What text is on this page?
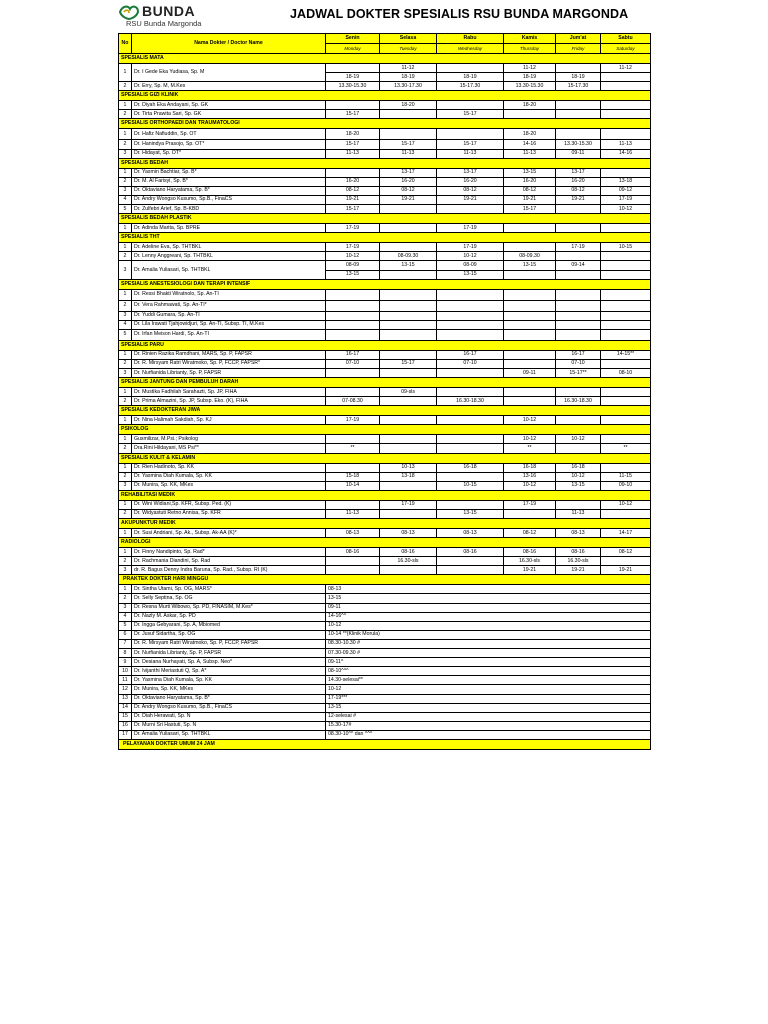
BUNDA
RSU Bunda Margonda
JADWAL DOKTER SPESIALIS RSU BUNDA MARGONDA
No	Nama Dokter / Doctor Name	Senin	Selasa	Rabu	Kamis	Jum'at	Sabtu
		Monday	Tuesday	Wednesday	Thursday	Friday	Saturday
SPESIALIS MATA							
1	Dr. I Gede Eka Yudiasa, Sp. M		11-12		11-12		11-12
		18-19	18-19	18-19	18-19	18-19	
2	Dr. Erry, Sp. M, M.Kes	13.30-15.30	13.30-17.30	15-17.30	13.30-15.30	15-17.30	
SPESIALIS GIZI KLINIK							
1	Dr. Diyah Eka Andayani, Sp. GK		18-20		18-20		
2	Dr. Tirta Prawita Sari, Sp. GK	15-17		15-17			
SPESIALIS ORTHOPAEDI DAN TRAUMATOLOGI							
1	Dr. Hafiz Nafiuddin, Sp. OT	18-20			18-20		
2	Dr. Hanindya Prasojo, Sp. OT*	15-17	15-17	15-17	14-16	13.30-15.30	11-13
3	Dr. Hidayat, Sp. OT*	11-13	11-13	11-13	11-13	09-11	14-16
SPESIALIS BEDAH							
1	Dr. Yasmin Bachtiar, Sp. B*		13-17	13-17	13-15	13-17	
2	Dr. M. Al Farisyi, Sp. B*	16-20	16-20	16-20	16-20	16-20	13-18
3	Dr. Oktaviano Haryatama, Sp. B*	08-12	08-12	08-12	08-12	08-12	09-12
4	Dr. Andry Wongso Kusumo, Sp.B., FinaCS	19-21	19-21	19-21	19-21	19-21	17-19
5	Dr. Zulfebri Arief, Sp. B-KBD	15-17			15-17		10-12
SPESIALIS BEDAH PLASTIK							
1	Dr. Adinda Marita, Sp. BPRE	17-19		17-19			
SPESIALIS THT							
1	Dr. Adeline Eva, Sp. THTBKL	17-19		17-19		17-19	10-15
2	Dr. Lenny Anggreani, Sp. THTBKL	10-12	08-09.30	10-12	08-09.30		
3	Dr. Amalia Yuliasari, Sp. THTBKL	08-09	13-15	08-09	13-15	09-14	
		13-15		13-15			
SPESIALIS ANESTESIOLOGI DAN TERAPI INTENSIF							
1	Dr. Ressi Bhakti Wiratnolo, Sp. An-TI						
2	Dr. Vera Rahmawati, Sp. An-TI*						
3	Dr. Yuddi Gumara, Sp. An-TI						
4	Dr. Lila Irawati Tjahjowidjuri, Sp. An-TI, Subsp. TI, M.Kes						
5	Dr. Irfan Meison Hardi, Sp. An-TI						
SPESIALIS PARU							
1	Dr. Rinien Razika Ramdhani, MARS, Sp. P, FAPSR	16-17		16-17		16-17	14-15**
2	Dr. R. Mirsyam Ratri Wiratmoko, Sp. P, FCCP, FAPSR*	07-10	15-17	07-10		07-10	
3	Dr. Nurfianida Librianty, Sp. P, FAPSR				09-11	15-17**	08-10
SPESIALIS JANTUNG DAN PEMBULUH DARAH							
1	Dr. Mustika Fadhilah Sarahazti, Sp. JP, FIHA		09-sls				
2	Dr. Prima Almazini, Sp. JP, Subsp. Eko. (K), FIHA	07-08.30		16.30-18.30		16.30-18.30	
SPESIALIS KEDOKTERAN JIWA							
1	Dr. Nina Halimah Sakdiah, Sp. KJ	17-19			10-12		
PSIKOLOG							
1	Gusmilizar, M.Psi.; Psikolog				10-12	10-12	
2	Dra.Rini Hildayani, MS Psi**	**			**		**
SPESIALIS KULIT & KELAMIN							
1	Dr. Rien Hadinoto, Sp. KK		10-13	16-18	16-18	16-18	
2	Dr. Yasmina Diah Kumala, Sp. KK	15-18	13-18		13-16	10-12	11-15
3	Dr. Munira, Sp. KK, MKes	10-14		10-15	10-12	13-15	09-10
REHABILITASI MEDIK							
1	Dr. Wini Widiani,Sp. KFR, Subsp. Ped. (K)		17-19		17-19		10-12
2	Dr. Widyastuti Retno Annisa, Sp. KFR	11-13		13-15		11-13	
AKUPUNKTUR MEDIK							
1	Dr. Susi Andriani, Sp. Ak., Subsp. Ak-AA (K)*	08-13	08-13	08-13	08-12	08-13	14-17
RADIOLOGI							
1	Dr. Finny Nandipinto, Sp. Rad*	08-16	08-16	08-16	08-16	08-16	08-12
2	Dr. Rachmania Diandini, Sp. Rad		16.30-sls		16.30-sls	16.30-sls	
3	dr. R. Bagus Denny Indra Baruna, Sp. Rad., Subsp. RI (K)				19-21	19-21	19-21
PRAKTEK DOKTER HARI MINGGU							
1	Dr. Sintha Utami, Sp. OG, MARS*	08-13					
2	Dr. Selly Septina, Sp. OG	13-15					
3	Dr. Resna Murti Wibowo, Sp. PD, FINASIM, M.Kes*	09-11					
4	Dr. Nazly M. Askar, Sp. PD	14-16^^					
5	Dr. Ingga Gebyarani, Sp. A, Mbiomed	10-12					
6	Dr. Jusuf Sidartha, Sp. OG	10-14 **(Klinik Morula)					
7	Dr. R. Mirsyam Ratri Wiratmoko, Sp. P, FCCP, FAPSR	08.30-10.30 #					
8	Dr. Nurfianida Librianty, Sp. P, FAPSR	07.30-09.30 #					
9	Dr. Desiana Nurhayati, Sp. A, Subsp. Neo*	09-11^					
10	Dr. Ivijanthi Meriastuti Q, Sp. A*	08-10^^^					
11	Dr. Yasmina Diah Kumala, Sp. KK	14.30-selesai**					
12	Dr. Munira, Sp. KK, MKes	10-12					
13	Dr. Oktaviano Haryatama, Sp. B*	17-19***					
14	Dr. Andry Wongso Kusumo, Sp.B., FinaCS	13-15					
15	Dr. Diah Herawati, Sp. N	12-selesai #					
16	Dr. Murni Sri Hastuti, Sp. N	15.30-17#					
17	Dr. Amalia Yuliasari, Sp. THTBKL	08.30-10^^ dan ^^^					
PELAYANAN DOKTER UMUM 24 JAM							
